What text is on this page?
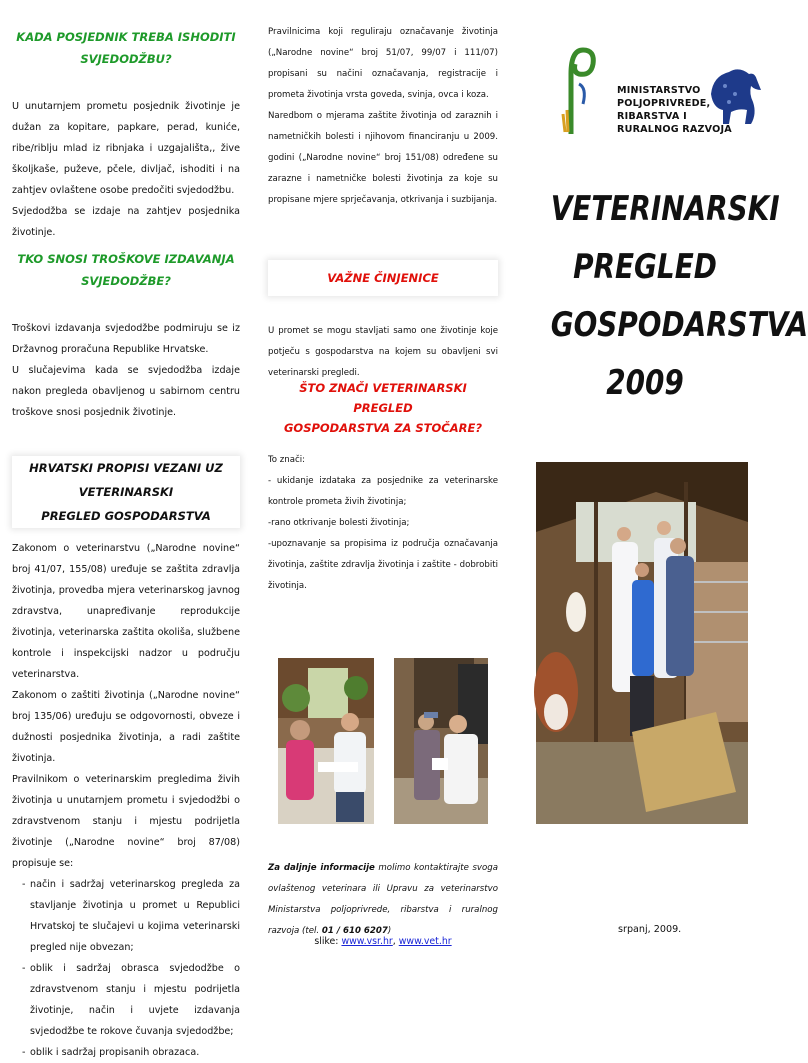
KADA POSJEDNIK TREBA ISHODITI
SVJEDODŽBU?

U unutarnjem prometu posjednik životinje je dužan za kopitare, papkare, perad, kuniće, ribe/riblju mlad iz ribnjaka i uzgajališta,, žive školjkaše, puževe, pčele, divljač, ishoditi i na zahtjev ovlaštene osobe predočiti svjedodžbu.

Svjedodžba se izdaje na zahtjev posjednika životinje.

TKO SNOSI TROŠKOVE IZDAVANJA
SVJEDODŽBE?

Troškovi izdavanja svjedodžbe podmiruju se iz Državnog proračuna Republike Hrvatske.

U slučajevima kada se svjedodžba izdaje nakon pregleda obavljenog u sabirnom centru troškove snosi posjednik životinje.

HRVATSKI PROPISI VEZANI UZ VETERINARSKI
PREGLED GOSPODARSTVA

Zakonom o veterinarstvu („Narodne novine“ broj 41/07, 155/08) uređuje se zaštita zdravlja životinja, provedba mjera veterinarskog javnog zdravstva, unapređivanje reprodukcije životinja, veterinarska zaštita okoliša, službene kontrole i inspekcijski nadzor u području veterinarstva.

Zakonom o zaštiti životinja („Narodne novine“ broj 135/06) uređuju se odgovornosti, obveze i dužnosti posjednika životinja, a radi zaštite životinja.

Pravilnikom o veterinarskim pregledima živih životinja u unutarnjem prometu i svjedodžbi o zdravstvenom stanju i mjestu podrijetla životinje („Narodne novine“ broj 87/08) propisuje se:

- način i sadržaj veterinarskog pregleda za stavljanje životinja u promet u Republici Hrvatskoj te slučajevi u kojima veterinarski pregled nije obvezan;
- oblik i sadržaj obrasca svjedodžbe o zdravstvenom stanju i mjestu podrijetla životinje, način i uvjete izdavanja svjedodžbe te rokove čuvanja svjedodžbe;
- oblik i sadržaj propisanih obrazaca.

Pravilnicima koji reguliraju označavanje životinja („Narodne novine“ broj 51/07, 99/07 i 111/07) propisani su načini označavanja, registracije i prometa životinja vrsta goveda, svinja, ovca i koza.

Naredbom o mjerama zaštite životinja od zaraznih i nametničkih bolesti i njihovom financiranju u 2009. godini („Narodne novine“ broj 151/08) određene su zarazne i nametničke bolesti životinja za koje su propisane mjere sprječavanja, otkrivanja i suzbijanja.

VAŽNE ČINJENICE

U promet se mogu stavljati samo one životinje koje potječu s gospodarstva na kojem su obavljeni svi veterinarski pregledi.

ŠTO ZNAČI VETERINARSKI PREGLED
GOSPODARSTVA ZA STOČARE?

To znači:

- ukidanje izdataka za posjednike za veterinarske kontrole prometa živih životinja;

-rano otkrivanje bolesti životinja;

-upoznavanje sa propisima iz područja označavanja životinja, zaštite zdravlja životinja i zaštite - dobrobiti životinja.

Za daljnje informacije molimo kontaktirajte svoga ovlaštenog veterinara ili Upravu za veterinarstvo Ministarstva poljoprivrede, ribarstva i ruralnog razvoja (tel. 01 / 610 6207)
slike: www.vsr.hr, www.vet.hr
MINISTARSTVO
POLJOPRIVREDE,
RIBARSTVA I
RURALNOG RAZVOJA
VETERINARSKI
PREGLED
GOSPODARSTVA
2009
srpanj, 2009.
